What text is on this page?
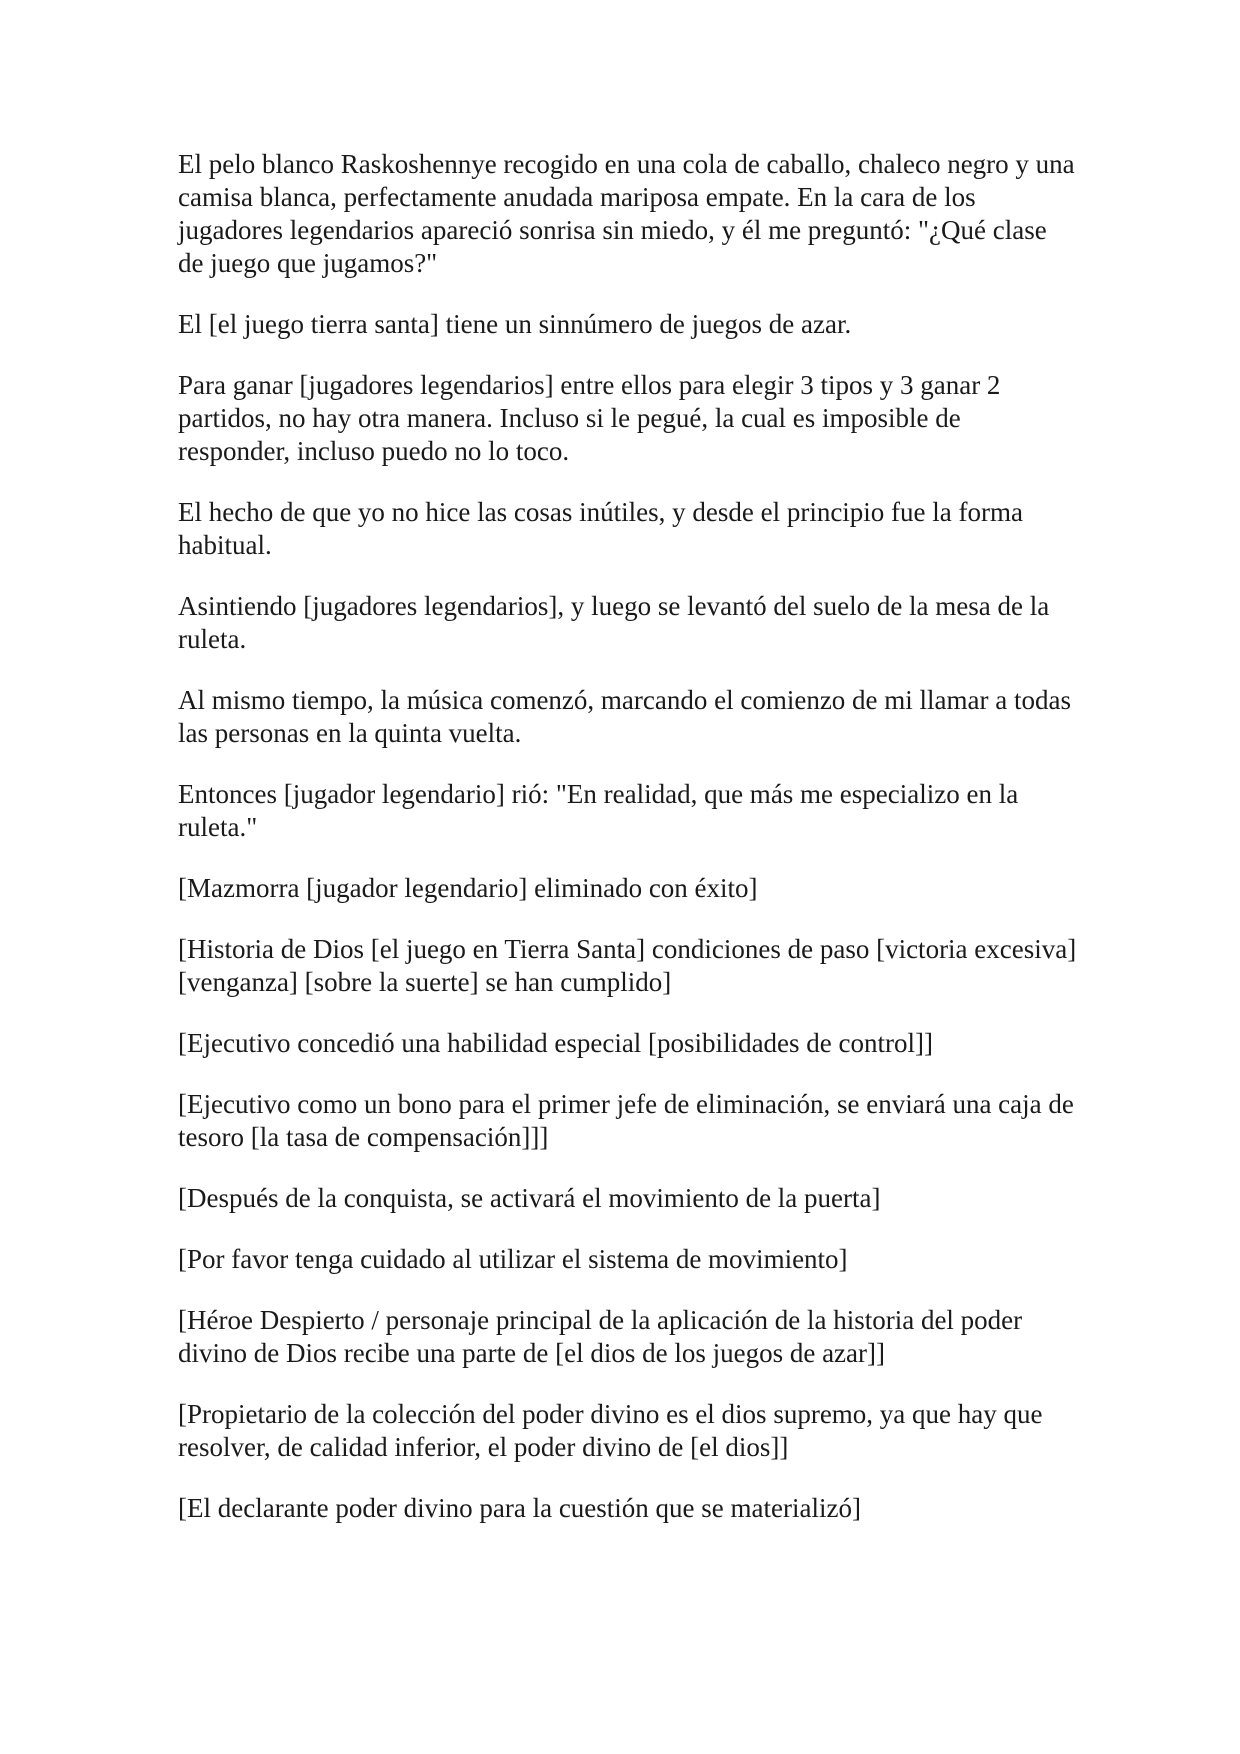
El pelo blanco Raskoshennye recogido en una cola de caballo, chaleco negro y una camisa blanca, perfectamente anudada mariposa empate. En la cara de los jugadores legendarios apareció sonrisa sin miedo, y él me preguntó: "¿Qué clase de juego que jugamos?"

El [el juego tierra santa] tiene un sinnúmero de juegos de azar.

Para ganar [jugadores legendarios] entre ellos para elegir 3 tipos y 3 ganar 2 partidos, no hay otra manera. Incluso si le pegué, la cual es imposible de responder, incluso puedo no lo toco.

El hecho de que yo no hice las cosas inútiles, y desde el principio fue la forma habitual.

Asintiendo [jugadores legendarios], y luego se levantó del suelo de la mesa de la ruleta.

Al mismo tiempo, la música comenzó, marcando el comienzo de mi llamar a todas las personas en la quinta vuelta.

Entonces [jugador legendario] rió: "En realidad, que más me especializo en la ruleta."

[Mazmorra [jugador legendario] eliminado con éxito]

[Historia de Dios [el juego en Tierra Santa] condiciones de paso [victoria excesiva] [venganza] [sobre la suerte] se han cumplido]

[Ejecutivo concedió una habilidad especial [posibilidades de control]]

[Ejecutivo como un bono para el primer jefe de eliminación, se enviará una caja de tesoro [la tasa de compensación]]]

[Después de la conquista, se activará el movimiento de la puerta]

[Por favor tenga cuidado al utilizar el sistema de movimiento]

[Héroe Despierto / personaje principal de la aplicación de la historia del poder divino de Dios recibe una parte de [el dios de los juegos de azar]]

[Propietario de la colección del poder divino es el dios supremo, ya que hay que resolver, de calidad inferior, el poder divino de [el dios]]

[El declarante poder divino para la cuestión que se materializó]
